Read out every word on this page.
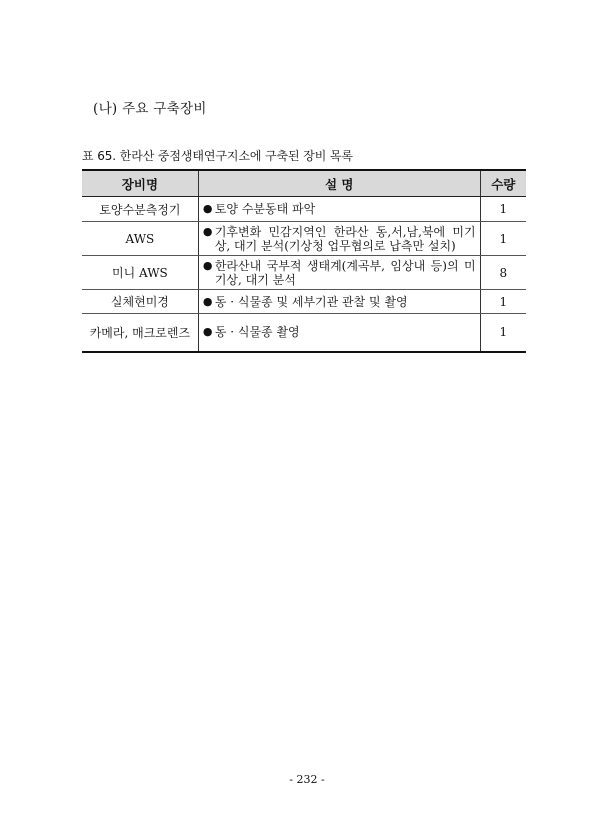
(나) 주요 구축장비
표 65. 한라산 중점생태연구지소에 구축된 장비 목록
장비명	설 명	수량
토양수분측정기	● 토양 수분동태 파악	1
AWS	● 기후변화 민감지역인 한라산 동,서,남,북에 미기상, 대기 분석(기상청 업무협의로 납측만 설치)	1
미니 AWS	● 한라산내 국부적 생태계(계곡부, 임상내 등)의 미기상, 대기 분석	8
실체현미경	● 동 · 식물종 및 세부기관 관찰 및 촬영	1
카메라, 매크로렌즈	● 동 · 식물종 촬영	1
- 232 -
